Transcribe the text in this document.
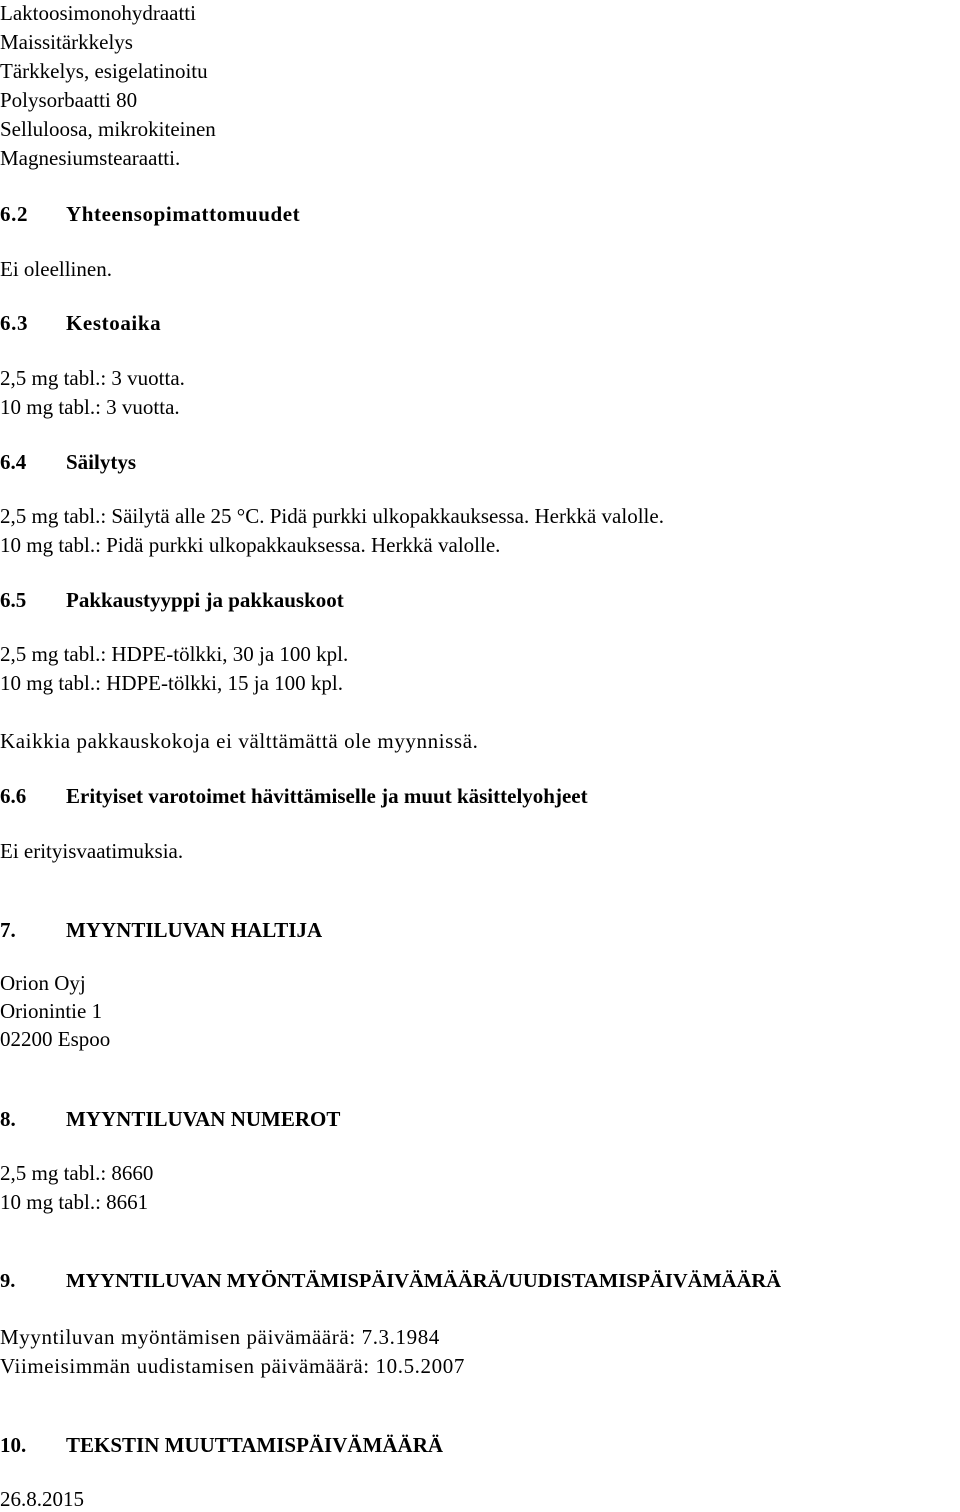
Laktoosimonohydraatti
Maissitärkkelys
Tärkkelys, esigelatinoitu
Polysorbaatti 80
Selluloosa, mikrokiteinen
Magnesiumstearaatti.
6.2 Yhteensopimattomuudet
Ei oleellinen.
6.3 Kestoaika
2,5 mg tabl.: 3 vuotta.
10 mg tabl.: 3 vuotta.
6.4 Säilytys
2,5 mg tabl.: Säilytä alle 25 °C. Pidä purkki ulkopakkauksessa. Herkkä valolle.
10 mg tabl.: Pidä purkki ulkopakkauksessa. Herkkä valolle.
6.5 Pakkaustyyppi ja pakkauskoot
2,5 mg tabl.: HDPE-tölkki, 30 ja 100 kpl.
10 mg tabl.: HDPE-tölkki, 15 ja 100 kpl.
Kaikkia pakkauskokoja ei välttämättä ole myynnissä.
6.6 Erityiset varotoimet hävittämiselle ja muut käsittelyohjeet
Ei erityisvaatimuksia.
7. MYYNTILUVAN HALTIJA
Orion Oyj
Orionintie 1
02200 Espoo
8. MYYNTILUVAN NUMEROT
2,5 mg tabl.: 8660
10 mg tabl.: 8661
9. MYYNTILUVAN MYÖNTÄMISPÄIVÄMÄÄRÄ/UUDISTAMISPÄIVÄMÄÄRÄ
Myyntiluvan myöntämisen päivämäärä: 7.3.1984
Viimeisimmän uudistamisen päivämäärä: 10.5.2007
10. TEKSTIN MUUTTAMISPÄIVÄMÄÄRÄ
26.8.2015
